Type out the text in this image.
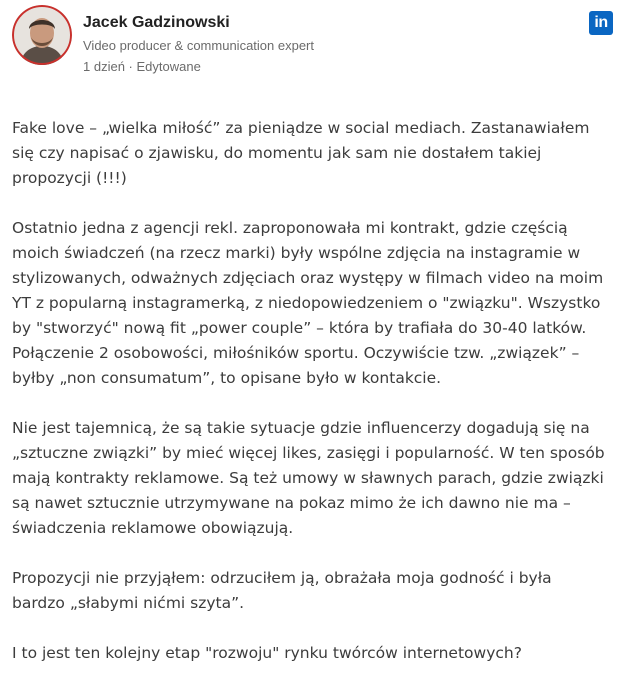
Jacek Gadzinowski
Video producer & communication expert
1 dzień · Edytowane
in
Fake love – „wielka miłość” za pieniądze w social mediach. Zastanawiałem
się czy napisać o zjawisku, do momentu jak sam nie dostałem takiej
propozycji (!!!)
Ostatnio jedna z agencji rekl. zaproponowała mi kontrakt, gdzie częścią
moich świadczeń (na rzecz marki) były wspólne zdjęcia na instagramie w
stylizowanych, odważnych zdjęciach oraz występy w filmach video na moim
YT z popularną instagramerką, z niedopowiedzeniem o "związku". Wszystko
by "stworzyć" nową fit „power couple” – która by trafiała do 30-40 latków.
Połączenie 2 osobowości, miłośników sportu. Oczywiście tzw. „związek” –
byłby „non consumatum”, to opisane było w kontakcie.
Nie jest tajemnicą, że są takie sytuacje gdzie influencerzy dogadują się na
„sztuczne związki” by mieć więcej likes, zasięgi i popularność. W ten sposób
mają kontrakty reklamowe. Są też umowy w sławnych parach, gdzie związki
są nawet sztucznie utrzymywane na pokaz mimo że ich dawno nie ma –
świadczenia reklamowe obowiązują.
Propozycji nie przyjąłem: odrzuciłem ją, obrażała moja godność i była
bardzo „słabymi nićmi szyta”.
I to jest ten kolejny etap "rozwoju" rynku twórców internetowych?
